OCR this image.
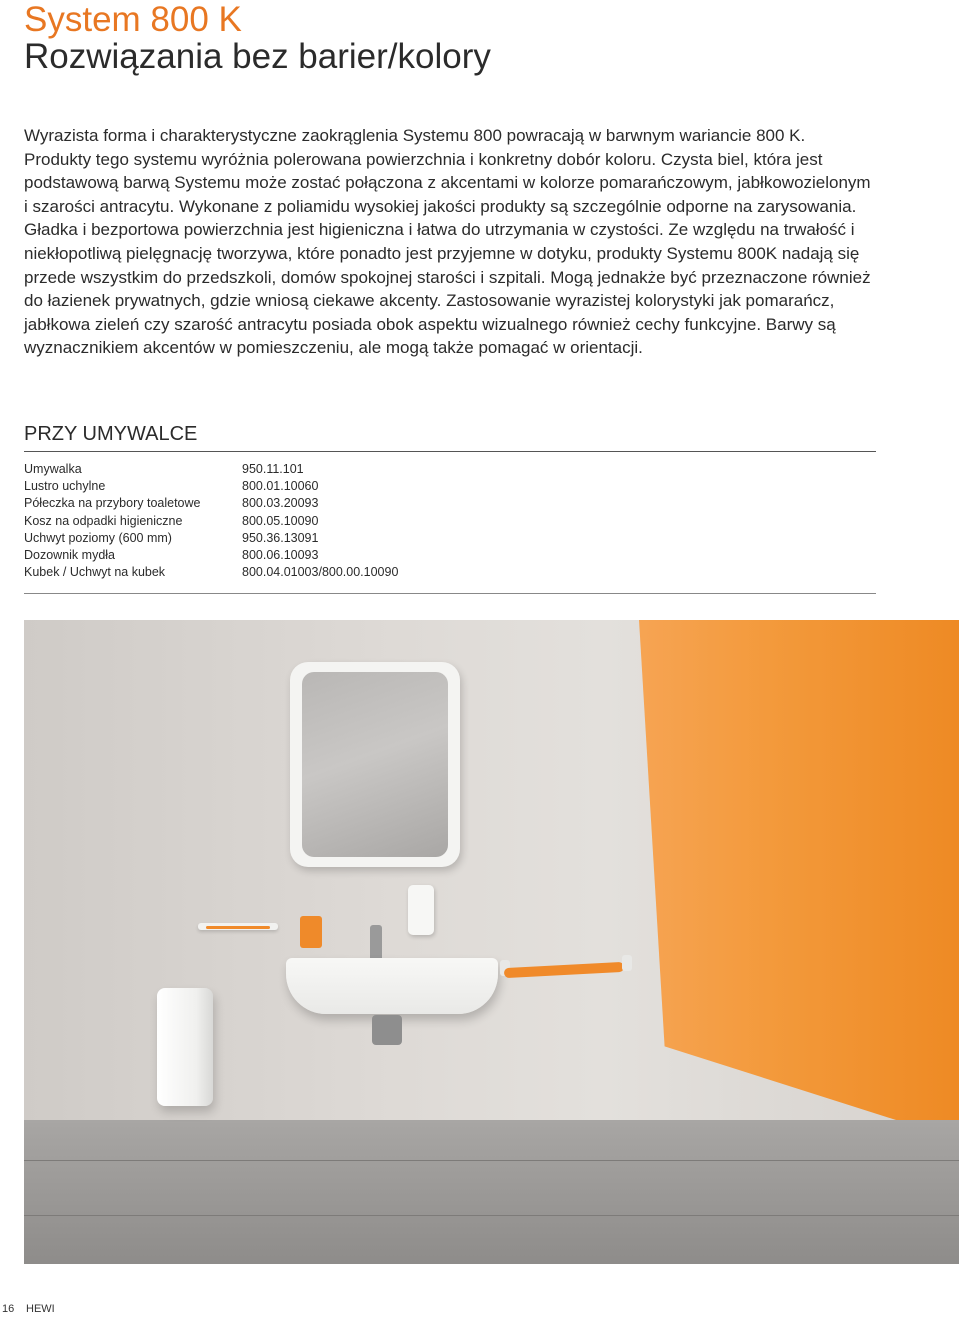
System 800 K
Rozwiązania bez barier/kolory

Wyrazista forma i charakterystyczne zaokrąglenia Systemu 800 powracają w barwnym wariancie 800 K. Produkty tego systemu wyróżnia polerowana powierzchnia i konkretny dobór koloru. Czysta biel, która jest podstawową barwą Systemu może zostać połączona z akcentami w kolorze pomarańczowym, jabłkowozielonym i szarości antracytu. Wykonane z poliamidu wysokiej jakości produkty są szczególnie odporne na zarysowania. Gładka i bezportowa powierzchnia jest higieniczna i łatwa do utrzymania w czystości. Ze względu na trwałość i niekłopotliwą pielęgnację tworzywa, które ponadto jest przyjemne w dotyku, produkty Systemu 800K nadają się przede wszystkim do przedszkoli, domów spokojnej starości i szpitali. Mogą jednakże być przeznaczone również do łazienek prywatnych, gdzie wniosą ciekawe akcenty. Zastosowanie wyrazistej kolorystyki jak pomarańcz, jabłkowa zieleń czy szarość antracytu posiada obok aspektu wizualnego również cechy funkcyjne. Barwy są wyznacznikiem akcentów w pomieszczeniu, ale mogą także pomagać w orientacji.

PRZY UMYWALCE
Umywalka	950.11.101
Lustro uchylne	800.01.10060
Półeczka na przybory toaletowe	800.03.20093
Kosz na odpadki higieniczne	800.05.10090
Uchwyt poziomy (600 mm)	950.36.13091
Dozownik mydła	800.06.10093
Kubek / Uchwyt na kubek	800.04.01003/800.00.10090
16 HEWI
